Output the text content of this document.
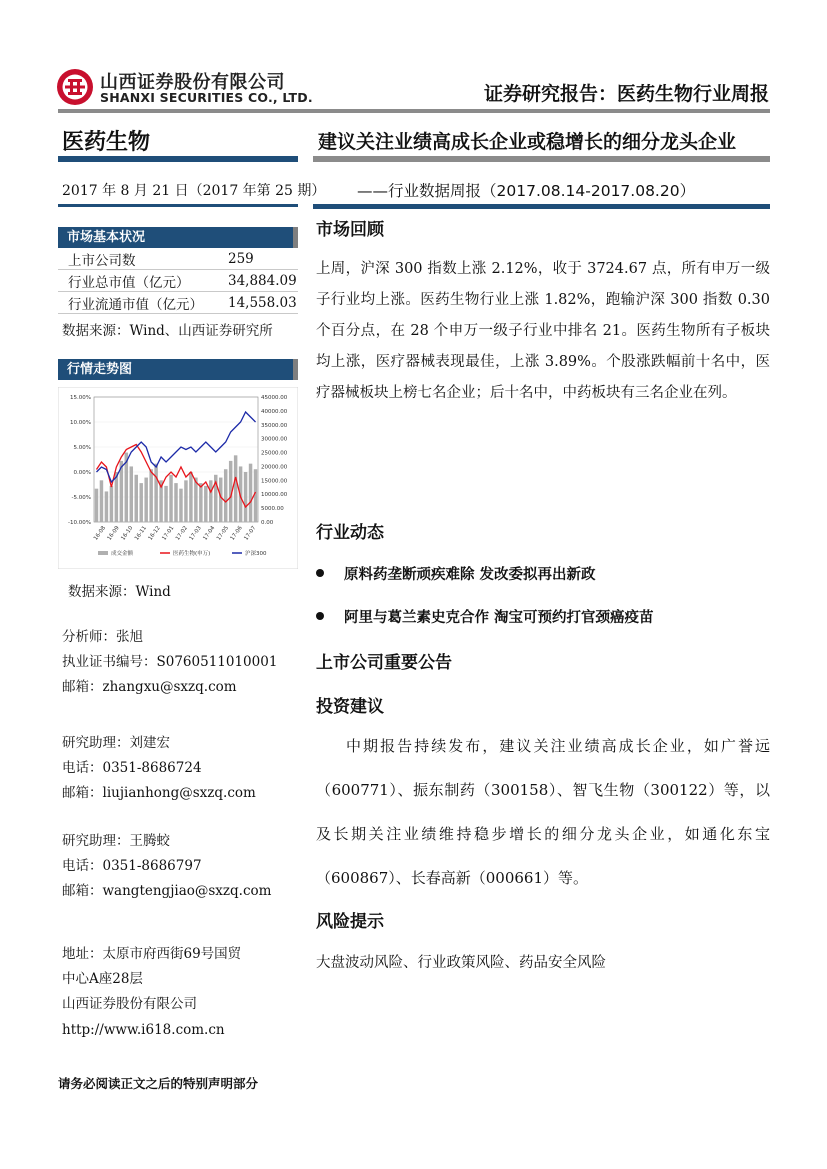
山西证券股份有限公司
SHANXI SECURITIES CO., LTD.	证券研究报告：医药生物行业周报
医药生物	建议关注业绩高成长企业或稳增长的细分龙头企业
2017 年 8 月 21 日（2017 年第 25 期） ——行业数据周报（2017.08.14-2017.08.20）
市场基本状况
上市公司数	259
行业总市值（亿元）	34,884.09
行业流通市值（亿元）	14,558.03
数据来源：Wind、山西证券研究所
行情走势图
15.00%
10.00%
5.00%
0.00%
-5.00%
-10.00%
45000.00
40000.00
35000.00
30000.00
25000.00
20000.00
15000.00
10000.00
5000.00
0.00
16-08 16-09 16-10 16-11 16-12 17-01 17-02 17-03 17-04 17-05 17-06 17-07
成交金额	医药生物(申万)	沪深300
数据来源：Wind
分析师：张旭
执业证书编号：S0760511010001
邮箱：zhangxu@sxzq.com
研究助理：刘建宏
电话：0351-8686724
邮箱：liujianhong@sxzq.com
研究助理：王腾蛟
电话：0351-8686797
邮箱：wangtengjiao@sxzq.com
地址：太原市府西街69号国贸
中心A座28层
山西证券股份有限公司
http://www.i618.com.cn
市场回顾
上周，沪深 300 指数上涨 2.12%，收于 3724.67 点，所有申万一级子行业均上涨。医药生物行业上涨 1.82%，跑输沪深 300 指数 0.30 个百分点，在 28 个申万一级子行业中排名 21。医药生物所有子板块均上涨，医疗器械表现最佳，上涨 3.89%。个股涨跌幅前十名中，医疗器械板块上榜七名企业；后十名中，中药板块有三名企业在列。
行业动态
原料药垄断顽疾难除 发改委拟再出新政
阿里与葛兰素史克合作 淘宝可预约打官颈癌疫苗
上市公司重要公告
投资建议
中期报告持续发布，建议关注业绩高成长企业，如广誉远（600771）、振东制药（300158）、智飞生物（300122）等，以及长期关注业绩维持稳步增长的细分龙头企业，如通化东宝（600867）、长春高新（000661）等。
风险提示
大盘波动风险、行业政策风险、药品安全风险
请务必阅读正文之后的特别声明部分
